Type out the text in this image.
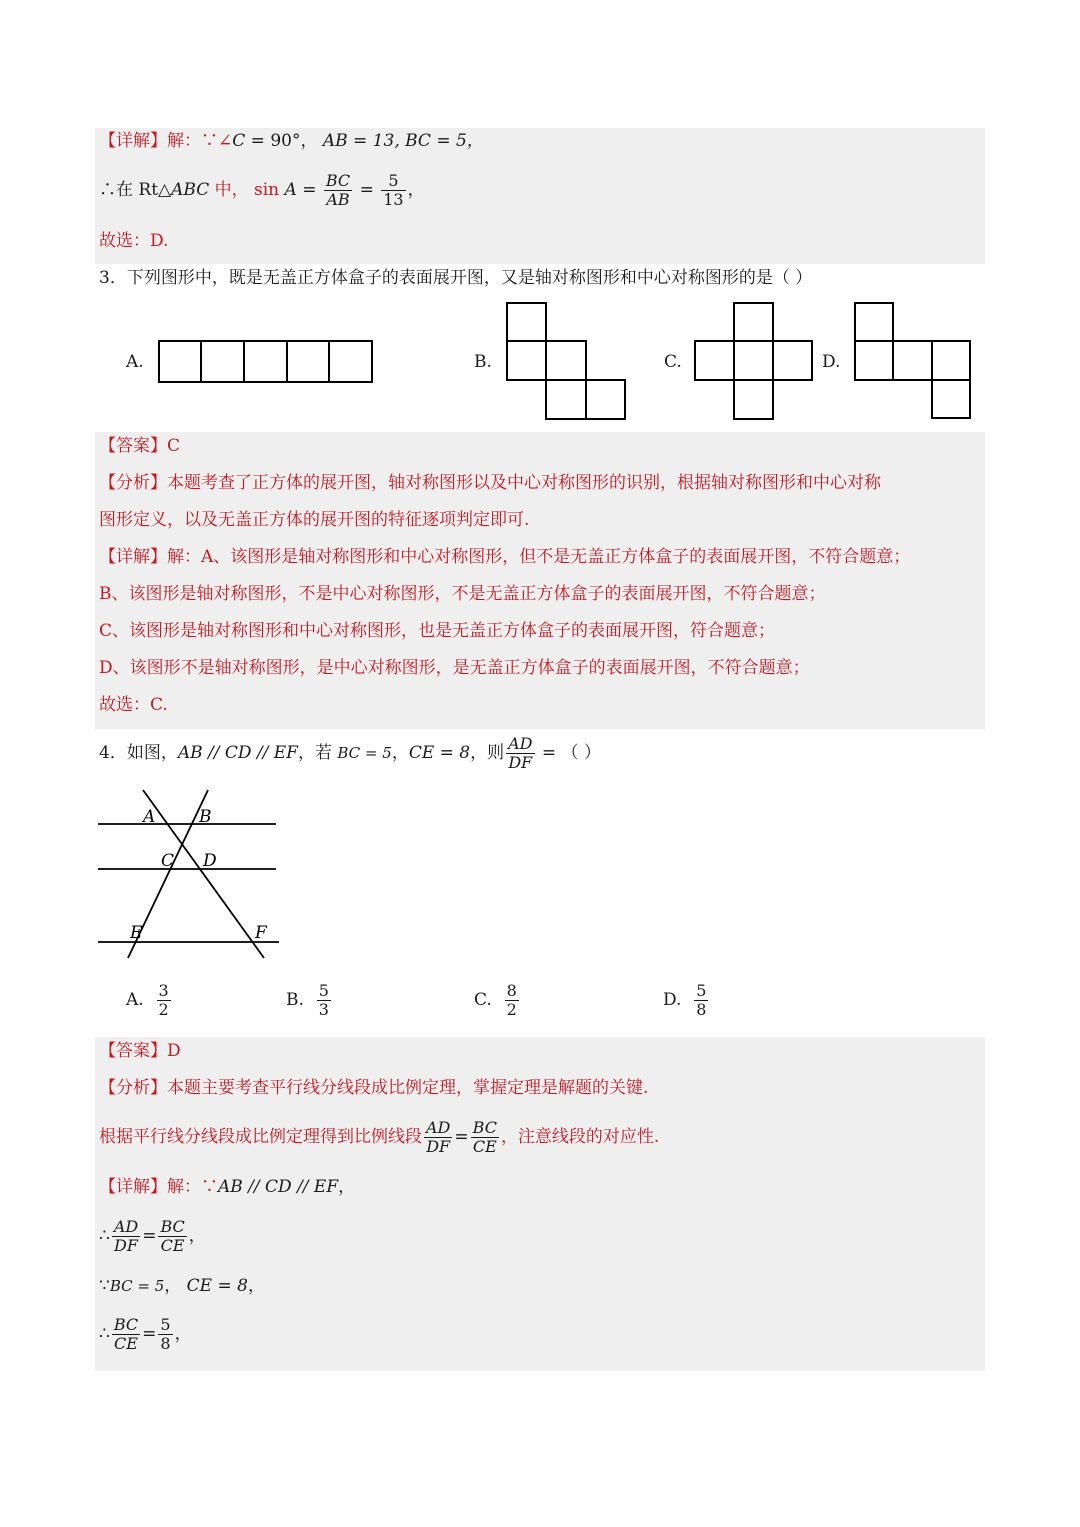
【详解】解：∵∠C = 90°， AB = 13, BC = 5，
∴在 Rt△ABC 中， $\sin A = \frac{BC}{AB} = \frac{5}{13}$ ，
故选：D.
3．下列图形中，既是无盖正方体盒子的表面展开图，又是轴对称图形和中心对称图形的是（ ）
A.	B.	C.	D.
【答案】C
【分析】本题考查了正方体的展开图，轴对称图形以及中心对称图形的识别，根据轴对称图形和中心对称
图形定义，以及无盖正方体的展开图的特征逐项判定即可.
【详解】解：A、该图形是轴对称图形和中心对称图形，但不是无盖正方体盒子的表面展开图，不符合题意；
B、该图形是轴对称图形，不是中心对称图形，不是无盖正方体盒子的表面展开图，不符合题意；
C、该图形是轴对称图形和中心对称图形，也是无盖正方体盒子的表面展开图，符合题意；
D、该图形不是轴对称图形，是中心对称图形，是无盖正方体盒子的表面展开图，不符合题意；
故选：C.
4．如图，AB // CD // EF，若 BC = 5，CE = 8，则 $\frac{AD}{DF}$ = （ ）
A	B
C D
E	F
A. $\frac{3}{2}$	B. $\frac{5}{3}$	C. $\frac{8}{2}$	D. $\frac{5}{8}$
【答案】D
【分析】本题主要考查平行线分线段成比例定理，掌握定理是解题的关键.
根据平行线分线段成比例定理得到比例线段 $\frac{AD}{DF} = \frac{BC}{CE}$ ，注意线段的对应性.
【详解】解：∵AB // CD // EF，
∴ $\frac{AD}{DF} = \frac{BC}{CE}$ ，
∵BC = 5， CE = 8，
∴ $\frac{BC}{CE} = \frac{5}{8}$ ，
